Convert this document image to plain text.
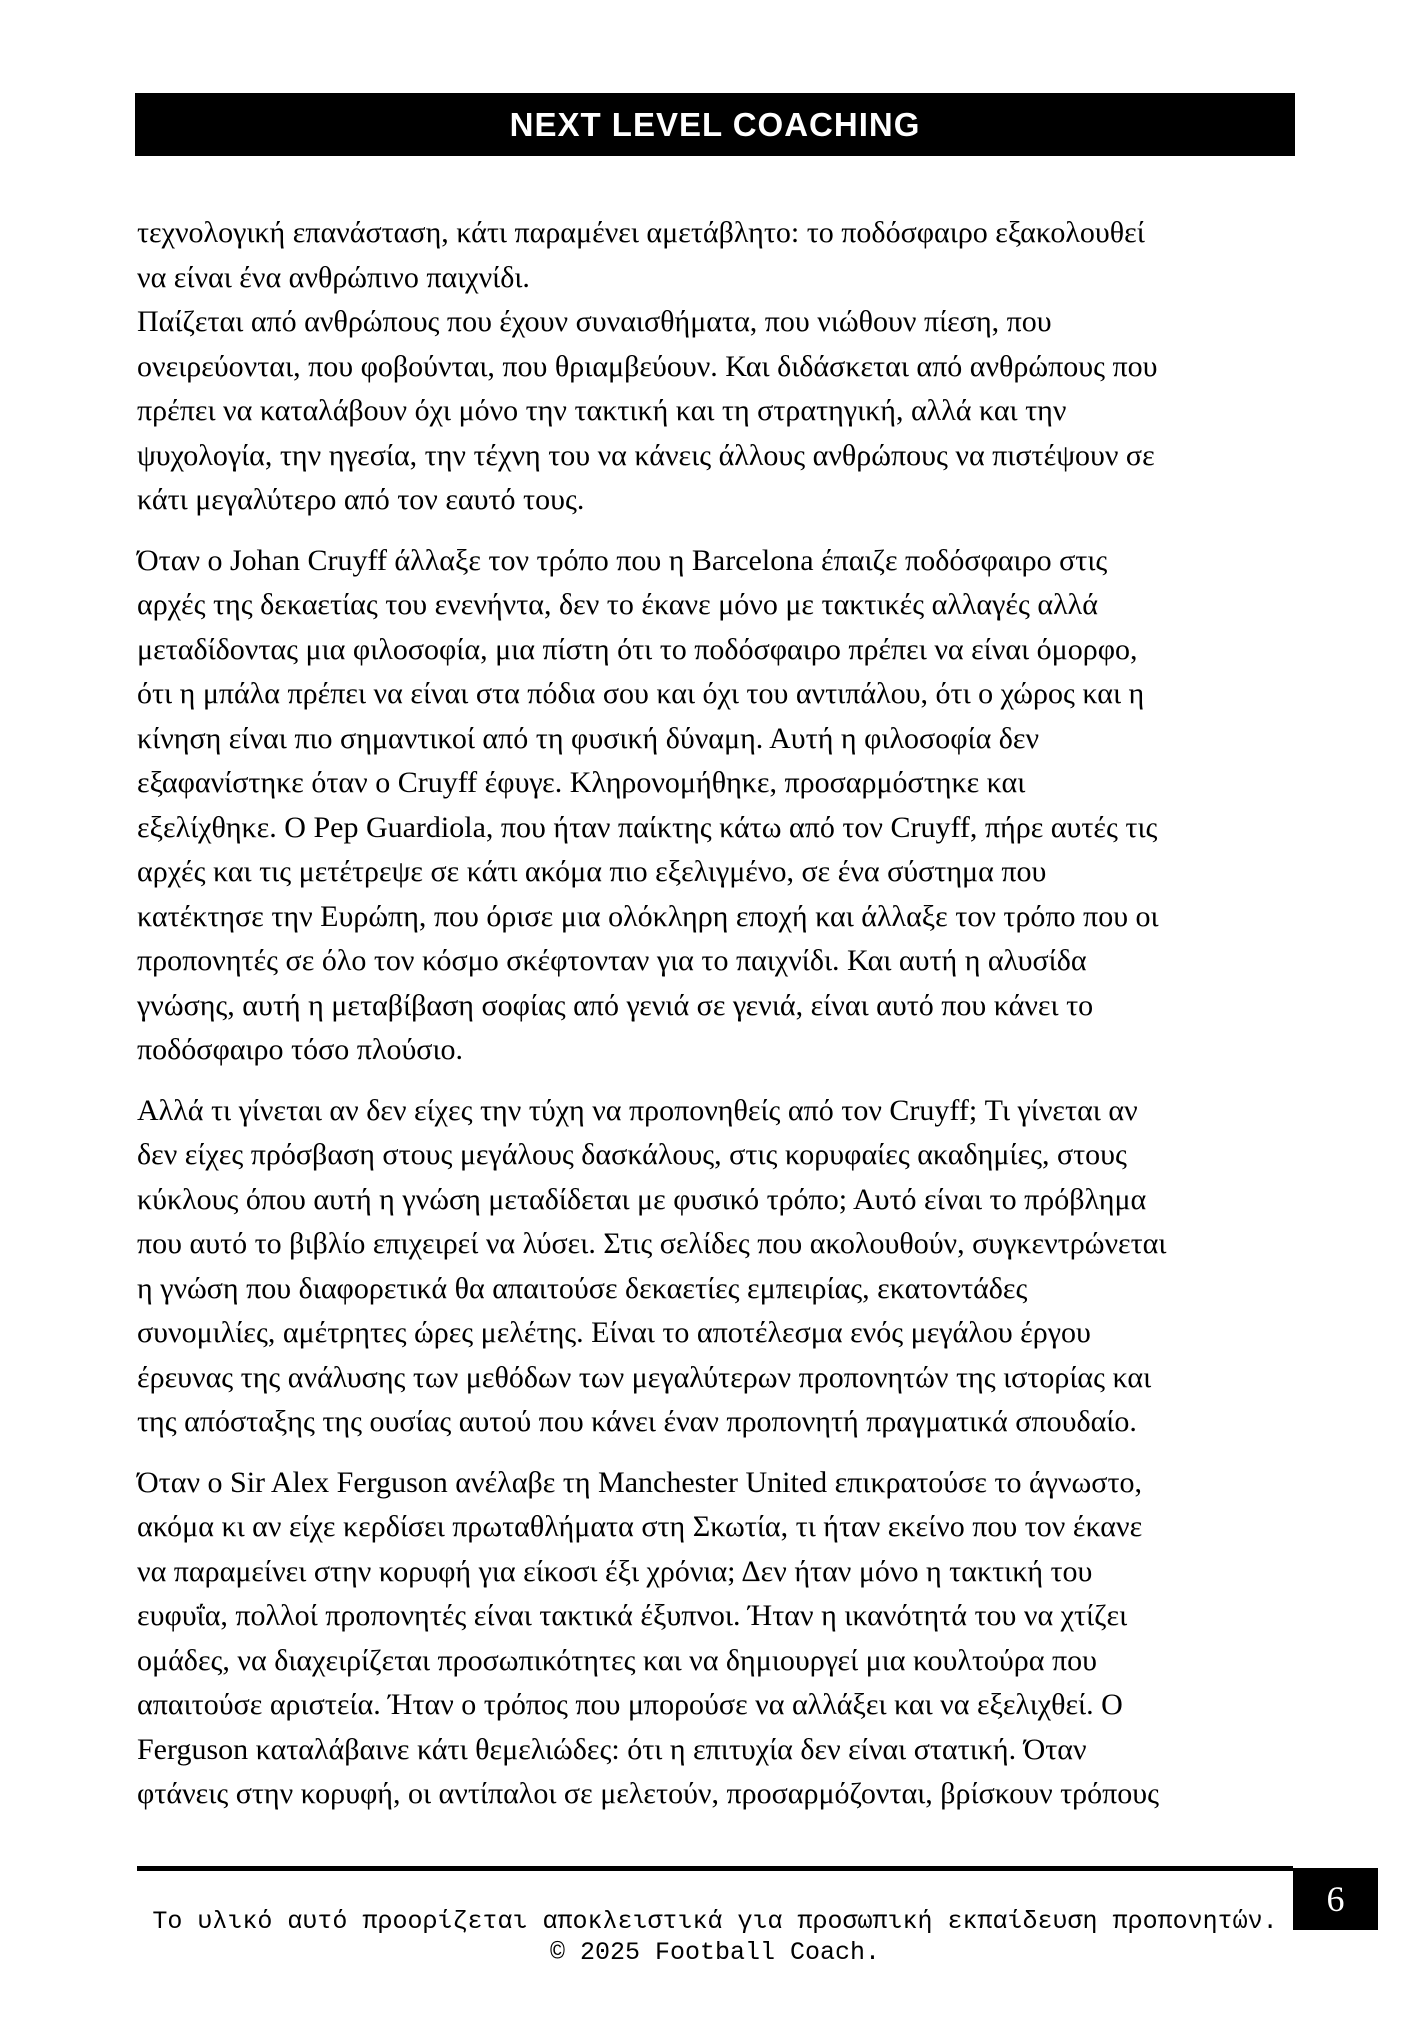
NEXT LEVEL COACHING
τεχνολογική επανάσταση, κάτι παραμένει αμετάβλητο: το ποδόσφαιρο εξακολουθεί
να είναι ένα ανθρώπινο παιχνίδι.
Παίζεται από ανθρώπους που έχουν συναισθήματα, που νιώθουν πίεση, που
ονειρεύονται, που φοβούνται, που θριαμβεύουν. Και διδάσκεται από ανθρώπους που
πρέπει να καταλάβουν όχι μόνο την τακτική και τη στρατηγική, αλλά και την
ψυχολογία, την ηγεσία, την τέχνη του να κάνεις άλλους ανθρώπους να πιστέψουν σε
κάτι μεγαλύτερο από τον εαυτό τους.
Όταν ο Johan Cruyff άλλαξε τον τρόπο που η Barcelona έπαιζε ποδόσφαιρο στις
αρχές της δεκαετίας του ενενήντα, δεν το έκανε μόνο με τακτικές αλλαγές αλλά
μεταδίδοντας μια φιλοσοφία, μια πίστη ότι το ποδόσφαιρο πρέπει να είναι όμορφο,
ότι η μπάλα πρέπει να είναι στα πόδια σου και όχι του αντιπάλου, ότι ο χώρος και η
κίνηση είναι πιο σημαντικοί από τη φυσική δύναμη. Αυτή η φιλοσοφία δεν
εξαφανίστηκε όταν ο Cruyff έφυγε. Κληρονομήθηκε, προσαρμόστηκε και
εξελίχθηκε. Ο Pep Guardiola, που ήταν παίκτης κάτω από τον Cruyff, πήρε αυτές τις
αρχές και τις μετέτρεψε σε κάτι ακόμα πιο εξελιγμένο, σε ένα σύστημα που
κατέκτησε την Ευρώπη, που όρισε μια ολόκληρη εποχή και άλλαξε τον τρόπο που οι
προπονητές σε όλο τον κόσμο σκέφτονταν για το παιχνίδι. Και αυτή η αλυσίδα
γνώσης, αυτή η μεταβίβαση σοφίας από γενιά σε γενιά, είναι αυτό που κάνει το
ποδόσφαιρο τόσο πλούσιο.
Αλλά τι γίνεται αν δεν είχες την τύχη να προπονηθείς από τον Cruyff; Τι γίνεται αν
δεν είχες πρόσβαση στους μεγάλους δασκάλους, στις κορυφαίες ακαδημίες, στους
κύκλους όπου αυτή η γνώση μεταδίδεται με φυσικό τρόπο; Αυτό είναι το πρόβλημα
που αυτό το βιβλίο επιχειρεί να λύσει. Στις σελίδες που ακολουθούν, συγκεντρώνεται
η γνώση που διαφορετικά θα απαιτούσε δεκαετίες εμπειρίας, εκατοντάδες
συνομιλίες, αμέτρητες ώρες μελέτης. Είναι το αποτέλεσμα ενός μεγάλου έργου
έρευνας της ανάλυσης των μεθόδων των μεγαλύτερων προπονητών της ιστορίας και
της απόσταξης της ουσίας αυτού που κάνει έναν προπονητή πραγματικά σπουδαίο.
Όταν ο Sir Alex Ferguson ανέλαβε τη Manchester United επικρατούσε το άγνωστο,
ακόμα κι αν είχε κερδίσει πρωταθλήματα στη Σκωτία, τι ήταν εκείνο που τον έκανε
να παραμείνει στην κορυφή για είκοσι έξι χρόνια; Δεν ήταν μόνο η τακτική του
ευφυΐα, πολλοί προπονητές είναι τακτικά έξυπνοι. Ήταν η ικανότητά του να χτίζει
ομάδες, να διαχειρίζεται προσωπικότητες και να δημιουργεί μια κουλτούρα που
απαιτούσε αριστεία. Ήταν ο τρόπος που μπορούσε να αλλάξει και να εξελιχθεί. Ο
Ferguson καταλάβαινε κάτι θεμελιώδες: ότι η επιτυχία δεν είναι στατική. Όταν
φτάνεις στην κορυφή, οι αντίπαλοι σε μελετούν, προσαρμόζονται, βρίσκουν τρόπους
6
Το υλικό αυτό προορίζεται αποκλειστικά για προσωπική εκπαίδευση προπονητών.
© 2025 Football Coach.
